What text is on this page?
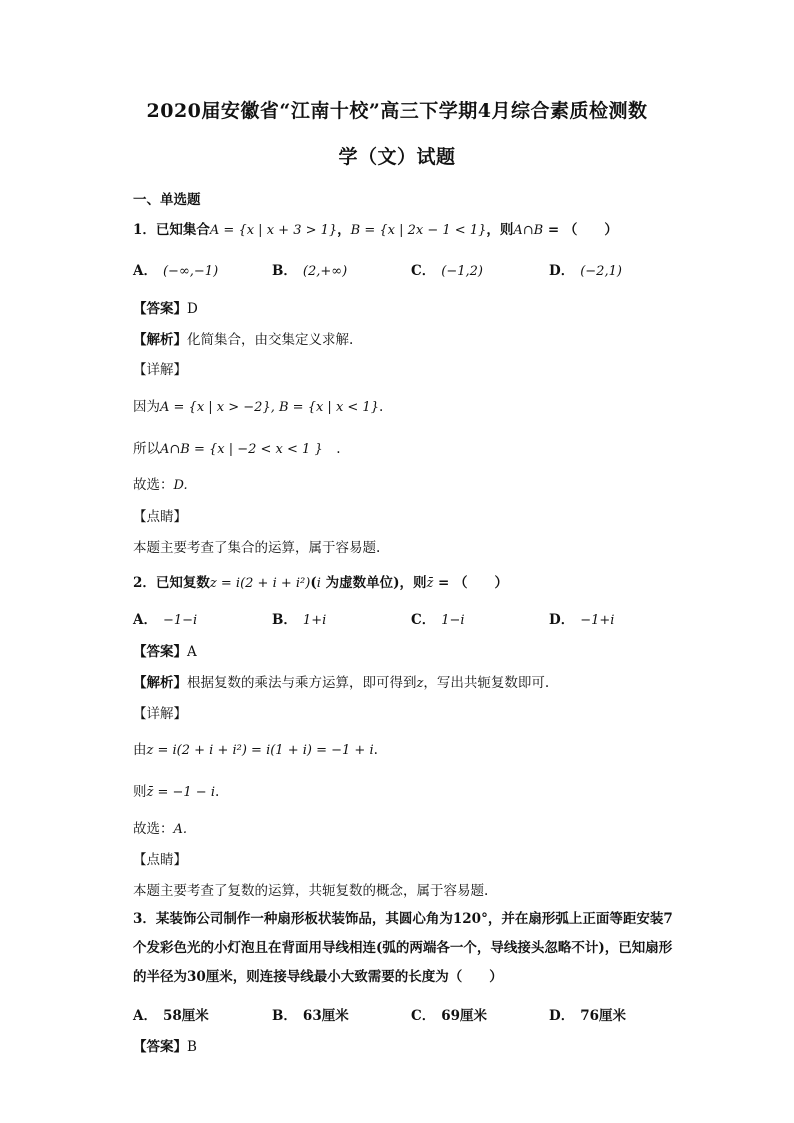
2020届安徽省“江南十校”高三下学期4月综合素质检测数
学（文）试题
一、单选题
1．已知集合A = {x | x + 3 > 1}，B = {x | 2x − 1 < 1}，则A∩B = （　　）
A． (−∞,−1)	B． (2,+∞)	C． (−1,2)	D． (−2,1)
【答案】D
【解析】化简集合，由交集定义求解.
【详解】
因为A = {x | x > −2}, B = {x | x < 1}.
所以A∩B = {x | −2 < x < 1 }　.
故选：D.
【点睛】
本题主要考查了集合的运算，属于容易题.
2．已知复数z = i(2 + i + i²)(i 为虚数单位)，则z̄ = （　　）
A． −1−i	B． 1+i	C． 1−i	D． −1+i
【答案】A
【解析】根据复数的乘法与乘方运算，即可得到z，写出共轭复数即可.
【详解】
由z = i(2 + i + i²) = i(1 + i) = −1 + i.
则z̄ = −1 − i.
故选：A.
【点睛】
本题主要考查了复数的运算，共轭复数的概念，属于容易题.
3．某装饰公司制作一种扇形板状装饰品，其圆心角为120°，并在扇形弧上正面等距安装7个发彩色光的小灯泡且在背面用导线相连(弧的两端各一个，导线接头忽略不计)，已知扇形的半径为30厘米，则连接导线最小大致需要的长度为（　　）
A． 58厘米	B． 63厘米	C． 69厘米	D． 76厘米
【答案】B
